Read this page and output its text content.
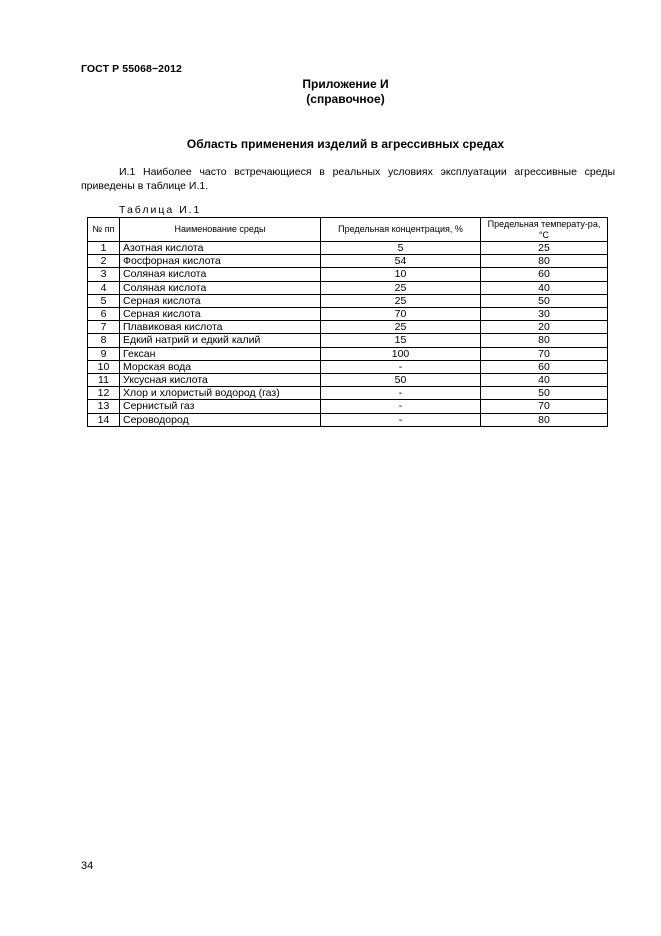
ГОСТ Р 55068−2012
Приложение И
(справочное)
Область применения изделий в агрессивных средах
И.1 Наиболее часто встречающиеся в реальных условиях эксплуатации агрессивные среды приведены в таблице И.1.
Таблица И.1
№ пп	Наименование среды	Предельная концентрация, %	Предельная температу-ра, °С
1	Азотная кислота	5	25
2	Фосфорная кислота	54	80
3	Соляная кислота	10	60
4	Соляная кислота	25	40
5	Серная кислота	25	50
6	Серная кислота	70	30
7	Плавиковая кислота	25	20
8	Едкий натрий и едкий калий	15	80
9	Гексан	100	70
10	Морская вода	-	60
11	Уксусная кислота	50	40
12	Хлор и хлористый водород (газ)	-	50
13	Сернистый газ	-	70
14	Сероводород	-	80
34
